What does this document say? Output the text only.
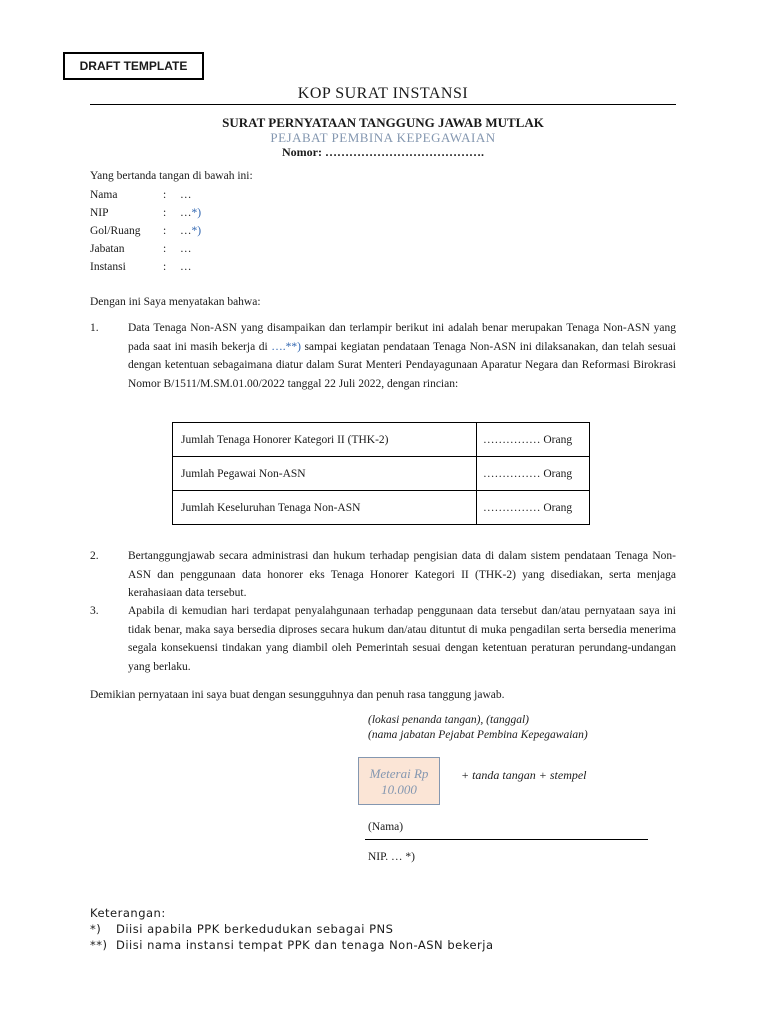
DRAFT TEMPLATE
KOP SURAT INSTANSI
SURAT PERNYATAAN TANGGUNG JAWAB MUTLAK
PEJABAT PEMBINA KEPEGAWAIAN
Nomor: ………………………………….
Yang bertanda tangan di bawah ini:
Nama	: …
NIP	: …*)
Gol/Ruang : …*)
Jabatan	: …
Instansi	: …
Dengan ini Saya menyatakan bahwa:
1.	Data Tenaga Non-ASN yang disampaikan dan terlampir berikut ini adalah benar merupakan Tenaga Non-ASN yang pada saat ini masih bekerja di ….**) sampai kegiatan pendataan Tenaga Non-ASN ini dilaksanakan, dan telah sesuai dengan ketentuan sebagaimana diatur dalam Surat Menteri Pendayagunaan Aparatur Negara dan Reformasi Birokrasi Nomor B/1511/M.SM.01.00/2022 tanggal 22 Juli 2022, dengan rincian:
Jumlah Tenaga Honorer Kategori II (THK-2)	…………… Orang
Jumlah Pegawai Non-ASN	…………… Orang
Jumlah Keseluruhan Tenaga Non-ASN	…………… Orang
2.	Bertanggungjawab secara administrasi dan hukum terhadap pengisian data di dalam sistem pendataan Tenaga Non-ASN dan penggunaan data honorer eks Tenaga Honorer Kategori II (THK-2) yang disediakan, serta menjaga kerahasiaan data tersebut.
3.	Apabila di kemudian hari terdapat penyalahgunaan terhadap penggunaan data tersebut dan/atau pernyataan saya ini tidak benar, maka saya bersedia diproses secara hukum dan/atau dituntut di muka pengadilan serta bersedia menerima segala konsekuensi tindakan yang diambil oleh Pemerintah sesuai dengan ketentuan peraturan perundang-undangan yang berlaku.
Demikian pernyataan ini saya buat dengan sesungguhnya dan penuh rasa tanggung jawab.
(lokasi penanda tangan), (tanggal)
(nama jabatan Pejabat Pembina Kepegawaian)
Meterai Rp
10.000
+ tanda tangan + stempel
(Nama)
NIP. … *)
Keterangan:
*) Diisi apabila PPK berkedudukan sebagai PNS
**) Diisi nama instansi tempat PPK dan tenaga Non-ASN bekerja
